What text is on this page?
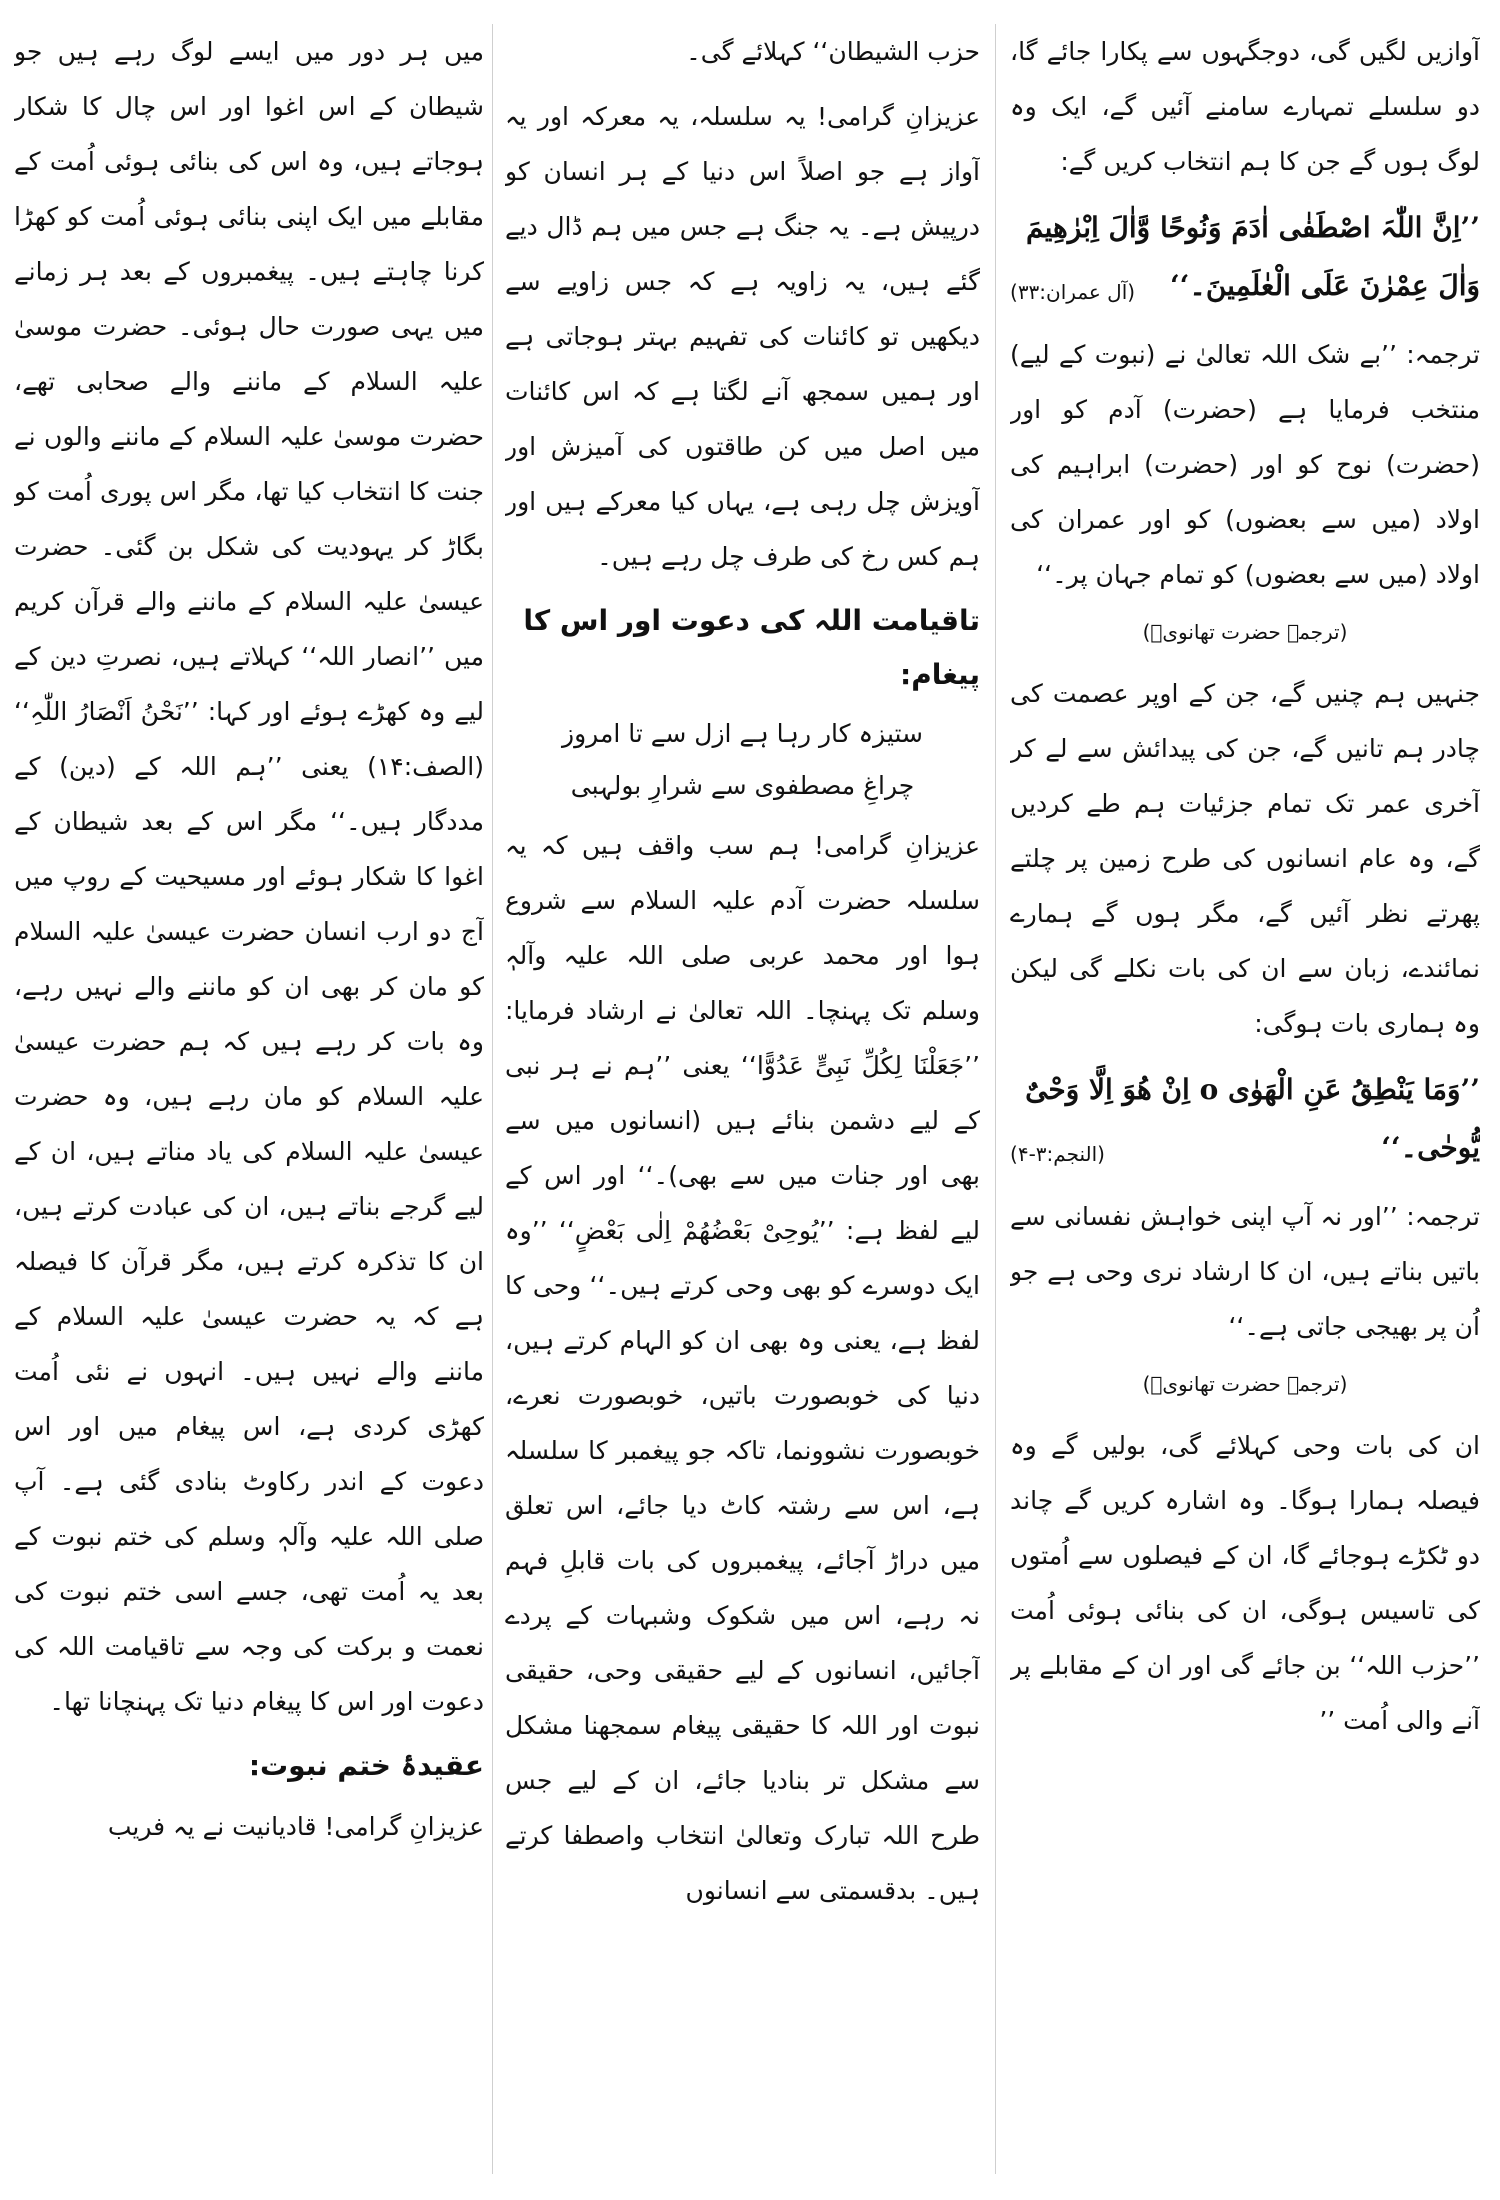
آوازیں لگیں گی، دوجگہوں سے پکارا جائے گا، دو سلسلے تمہارے سامنے آئیں گے، ایک وہ لوگ ہوں گے جن کا ہم انتخاب کریں گے:

’’اِنَّ اللّٰہَ اصْطَفٰی اٰدَمَ وَنُوحًا وَّاٰلَ اِبْرٰھِیمَ وَاٰلَ عِمْرٰنَ عَلَی الْعٰلَمِینَ۔‘‘
(آل عمران:۳۳)

ترجمہ: ’’بے شک اللہ تعالیٰ نے (نبوت کے لیے) منتخب فرمایا ہے (حضرت) آدم کو اور (حضرت) نوح کو اور (حضرت) ابراہیم کی اولاد (میں سے بعضوں) کو اور عمران کی اولاد (میں سے بعضوں) کو تمام جہان پر۔‘‘

(ترجمہ حضرت تھانویؒ)

جنہیں ہم چنیں گے، جن کے اوپر عصمت کی چادر ہم تانیں گے، جن کی پیدائش سے لے کر آخری عمر تک تمام جزئیات ہم طے کردیں گے، وہ عام انسانوں کی طرح زمین پر چلتے پھرتے نظر آئیں گے، مگر ہوں گے ہمارے نمائندے، زبان سے ان کی بات نکلے گی لیکن وہ ہماری بات ہوگی:

’’وَمَا یَنْطِقُ عَنِ الْھَوٰی o اِنْ ھُوَ اِلَّا وَحْیٌ یُّوحٰی۔‘‘
(النجم:۳-۴)

ترجمہ: ’’اور نہ آپ اپنی خواہش نفسانی سے باتیں بناتے ہیں، ان کا ارشاد نری وحی ہے جو اُن پر بھیجی جاتی ہے۔‘‘

(ترجمہ حضرت تھانویؒ)

ان کی بات وحی کہلائے گی، بولیں گے وہ فیصلہ ہمارا ہوگا۔ وہ اشارہ کریں گے چاند دو ٹکڑے ہوجائے گا، ان کے فیصلوں سے اُمتوں کی تاسیس ہوگی، ان کی بنائی ہوئی اُمت ’’حزب اللہ‘‘ بن جائے گی اور ان کے مقابلے پر آنے والی اُمت ’’

حزب الشیطان‘‘ کہلائے گی۔

عزیزانِ گرامی! یہ سلسلہ، یہ معرکہ اور یہ آواز ہے جو اصلاً اس دنیا کے ہر انسان کو درپیش ہے۔ یہ جنگ ہے جس میں ہم ڈال دیے گئے ہیں، یہ زاویہ ہے کہ جس زاویے سے دیکھیں تو کائنات کی تفہیم بہتر ہوجاتی ہے اور ہمیں سمجھ آنے لگتا ہے کہ اس کائنات میں اصل میں کن طاقتوں کی آمیزش اور آویزش چل رہی ہے، یہاں کیا معرکے ہیں اور ہم کس رخ کی طرف چل رہے ہیں۔

تاقیامت اللہ کی دعوت اور اس کا پیغام:
ستیزہ کار رہا ہے ازل سے تا امروز
چراغِ مصطفوی سے شرارِ بولہبی

عزیزانِ گرامی! ہم سب واقف ہیں کہ یہ سلسلہ حضرت آدم علیہ السلام سے شروع ہوا اور محمد عربی صلی اللہ علیہ وآلہٖ وسلم تک پہنچا۔ اللہ تعالیٰ نے ارشاد فرمایا: ’’جَعَلْنَا لِکُلِّ نَبِیٍّ عَدُوًّا‘‘ یعنی ’’ہم نے ہر نبی کے لیے دشمن بنائے ہیں (انسانوں میں سے بھی اور جنات میں سے بھی)۔‘‘ اور اس کے لیے لفظ ہے: ’’یُوحِیْ بَعْضُھُمْ اِلٰی بَعْضٍ‘‘ ’’وہ ایک دوسرے کو بھی وحی کرتے ہیں۔‘‘ وحی کا لفظ ہے، یعنی وہ بھی ان کو الہام کرتے ہیں، دنیا کی خوبصورت باتیں، خوبصورت نعرے، خوبصورت نشوونما، تاکہ جو پیغمبر کا سلسلہ ہے، اس سے رشتہ کاٹ دیا جائے، اس تعلق میں دراڑ آجائے، پیغمبروں کی بات قابلِ فہم نہ رہے، اس میں شکوک وشبہات کے پردے آجائیں، انسانوں کے لیے حقیقی وحی، حقیقی نبوت اور اللہ کا حقیقی پیغام سمجھنا مشکل سے مشکل تر بنادیا جائے، ان کے لیے جس طرح اللہ تبارک وتعالیٰ انتخاب واصطفا کرتے ہیں۔ بدقسمتی سے انسانوں

میں ہر دور میں ایسے لوگ رہے ہیں جو شیطان کے اس اغوا اور اس چال کا شکار ہوجاتے ہیں، وہ اس کی بنائی ہوئی اُمت کے مقابلے میں ایک اپنی بنائی ہوئی اُمت کو کھڑا کرنا چاہتے ہیں۔ پیغمبروں کے بعد ہر زمانے میں یہی صورت حال ہوئی۔ حضرت موسیٰ علیہ السلام کے ماننے والے صحابی تھے، حضرت موسیٰ علیہ السلام کے ماننے والوں نے جنت کا انتخاب کیا تھا، مگر اس پوری اُمت کو بگاڑ کر یہودیت کی شکل بن گئی۔ حضرت عیسیٰ علیہ السلام کے ماننے والے قرآن کریم میں ’’انصار اللہ‘‘ کہلاتے ہیں، نصرتِ دین کے لیے وہ کھڑے ہوئے اور کہا: ’’نَحْنُ اَنْصَارُ اللّٰہِ‘‘ (الصف:۱۴) یعنی ’’ہم اللہ کے (دین) کے مددگار ہیں۔‘‘ مگر اس کے بعد شیطان کے اغوا کا شکار ہوئے اور مسیحیت کے روپ میں آج دو ارب انسان حضرت عیسیٰ علیہ السلام کو مان کر بھی ان کو ماننے والے نہیں رہے، وہ بات کر رہے ہیں کہ ہم حضرت عیسیٰ علیہ السلام کو مان رہے ہیں، وہ حضرت عیسیٰ علیہ السلام کی یاد مناتے ہیں، ان کے لیے گرجے بناتے ہیں، ان کی عبادت کرتے ہیں، ان کا تذکرہ کرتے ہیں، مگر قرآن کا فیصلہ ہے کہ یہ حضرت عیسیٰ علیہ السلام کے ماننے والے نہیں ہیں۔ انہوں نے نئی اُمت کھڑی کردی ہے، اس پیغام میں اور اس دعوت کے اندر رکاوٹ بنادی گئی ہے۔ آپ صلی اللہ علیہ وآلہٖ وسلم کی ختم نبوت کے بعد یہ اُمت تھی، جسے اسی ختم نبوت کی نعمت و برکت کی وجہ سے تاقیامت اللہ کی دعوت اور اس کا پیغام دنیا تک پہنچانا تھا۔

عقیدۂ ختم نبوت:

عزیزانِ گرامی! قادیانیت نے یہ فریب
